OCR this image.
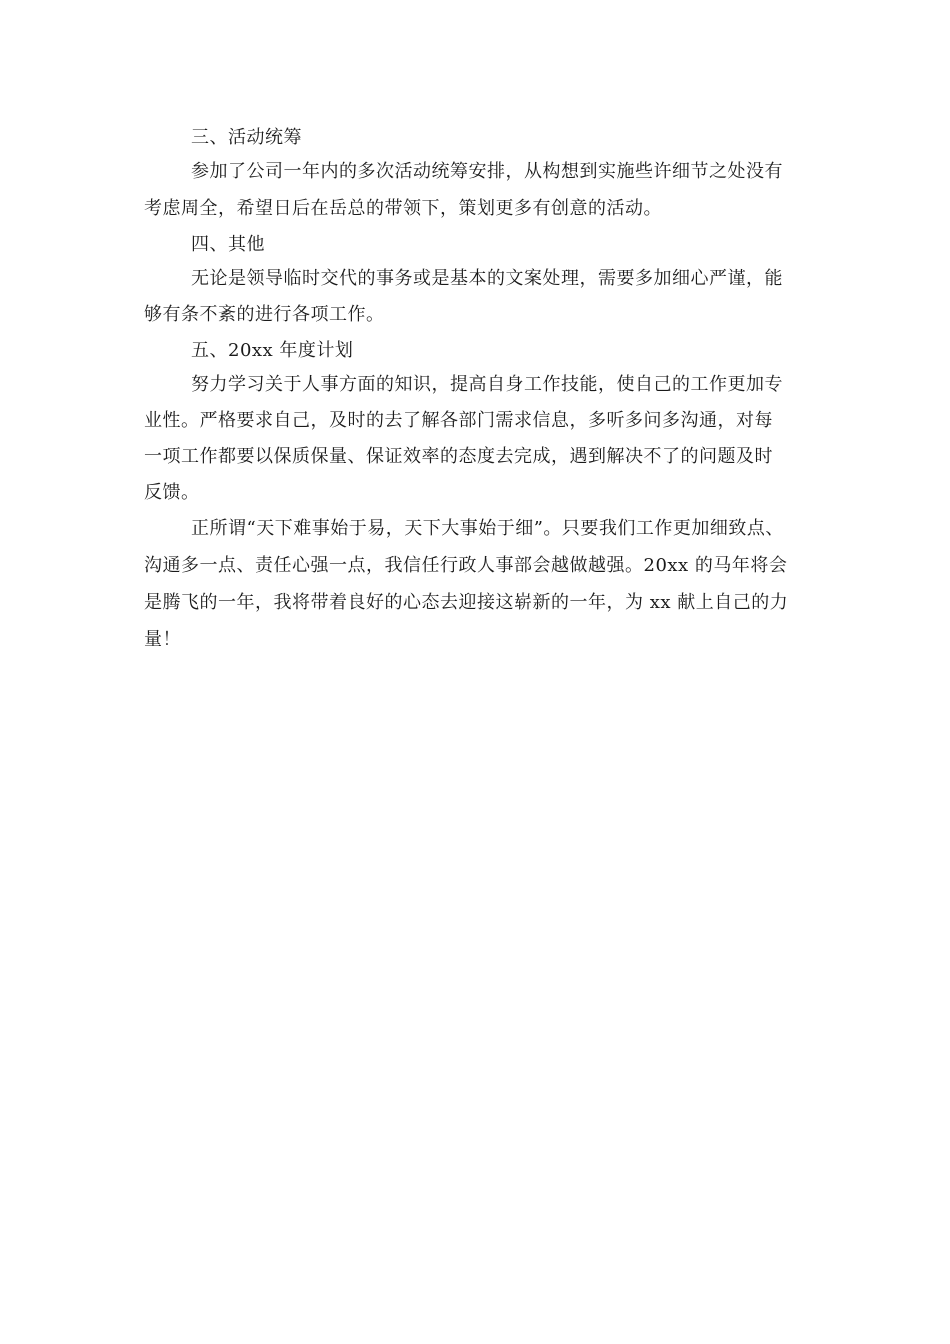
三、活动统筹
参加了公司一年内的多次活动统筹安排，从构想到实施些许细节之处没有
考虑周全，希望日后在岳总的带领下，策划更多有创意的活动。
四、其他
无论是领导临时交代的事务或是基本的文案处理，需要多加细心严谨，能
够有条不紊的进行各项工作。
五、20xx 年度计划
努力学习关于人事方面的知识，提高自身工作技能，使自己的工作更加专
业性。严格要求自己，及时的去了解各部门需求信息，多听多问多沟通，对每
一项工作都要以保质保量、保证效率的态度去完成，遇到解决不了的问题及时
反馈。
正所谓“天下难事始于易，天下大事始于细”。只要我们工作更加细致点、
沟通多一点、责任心强一点，我信任行政人事部会越做越强。20xx 的马年将会
是腾飞的一年，我将带着良好的心态去迎接这崭新的一年，为 xx 献上自己的力
量！
